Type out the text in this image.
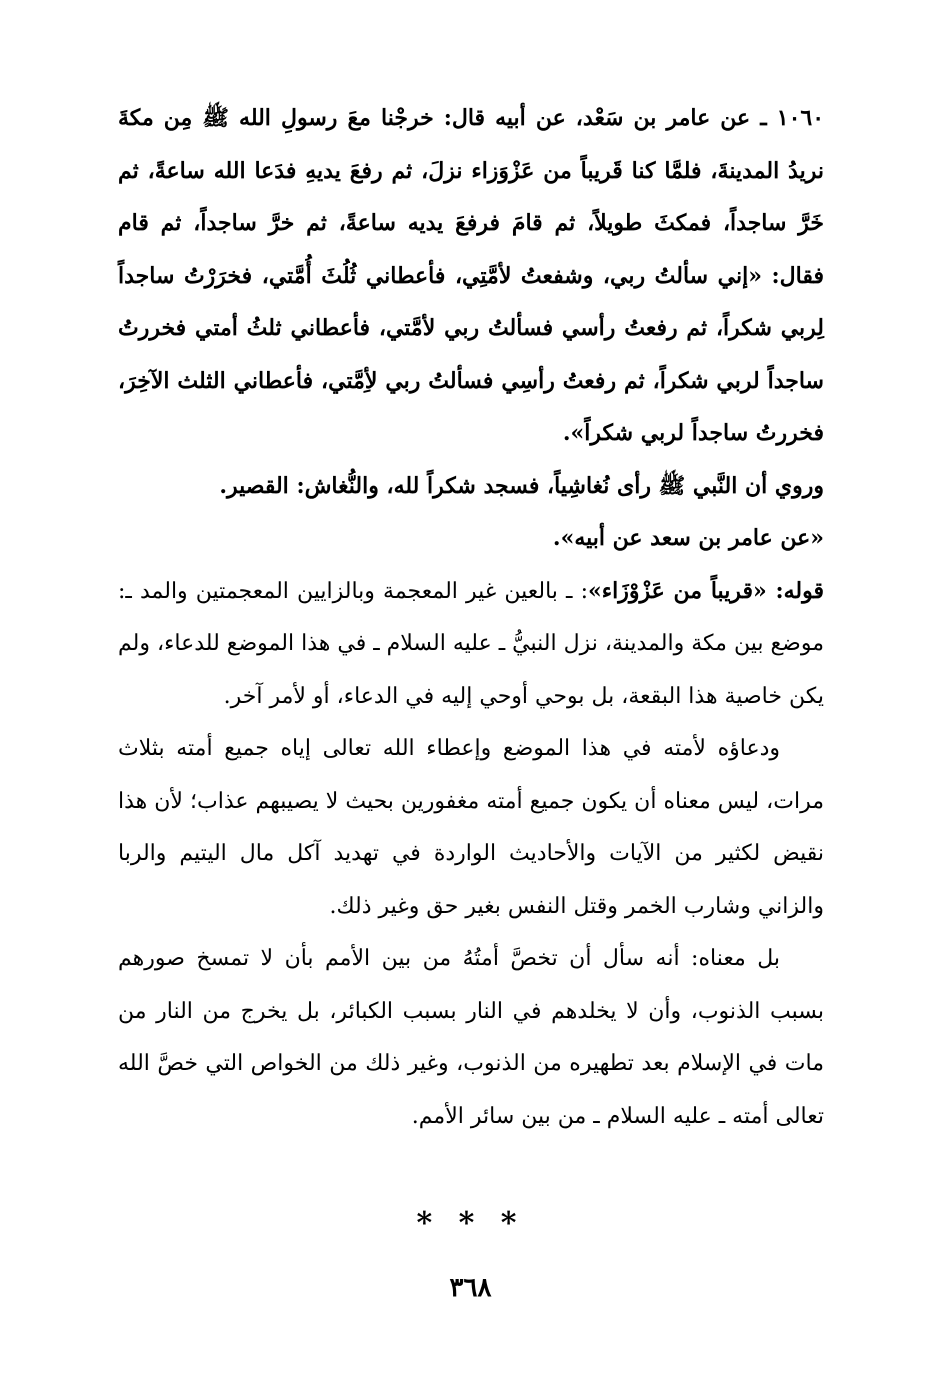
١٠٦٠ ـ عن عامر بن سَعْد، عن أبيه قال: خرجْنا معَ رسولِ الله ﷺ مِن مكةَ نريدُ المدينةَ، فلمَّا كنا قَريباً من عَزْوَزاء نزلَ، ثم رفعَ يديهِ فدَعا الله ساعةً، ثم خَرَّ ساجداً، فمكثَ طويلاً، ثم قامَ فرفعَ يديه ساعةً، ثم خرَّ ساجداً، ثم قام فقال: «إني سألتُ ربي، وشفعتُ لأمَّتِي، فأعطاني ثُلُثَ أُمَّتي، فخرَرْتُ ساجداً لِربي شكراً، ثم رفعتُ رأسي فسألتُ ربي لأمَّتي، فأعطاني ثلثُ أمتي فخررتُ ساجداً لربي شكراً، ثم رفعتُ رأسِي فسألتُ ربي لأِمَّتي، فأعطاني الثلث الآخِرَ، فخررتُ ساجداً لربي شكراً».

وروي أن النَّبي ﷺ رأى نُغاشِياً، فسجد شكراً لله، والنُّغاش: القصير.

«عن عامر بن سعد عن أبيه».

قوله: «قريباً من عَزْوْزَاء»: ـ بالعين غير المعجمة وبالزايين المعجمتين والمد ـ: موضع بين مكة والمدينة، نزل النبيُّ ـ عليه السلام ـ في هذا الموضع للدعاء، ولم يكن خاصية هذا البقعة، بل بوحي أوحي إليه في الدعاء، أو لأمر آخر.

ودعاؤه لأمته في هذا الموضع وإعطاء الله تعالى إياه جميع أمته بثلاث مرات، ليس معناه أن يكون جميع أمته مغفورين بحيث لا يصيبهم عذاب؛ لأن هذا نقيض لكثير من الآيات والأحاديث الواردة في تهديد آكل مال اليتيم والربا والزاني وشارب الخمر وقتل النفس بغير حق وغير ذلك.

بل معناه: أنه سأل أن تخصَّ أمتُهُ من بين الأمم بأن لا تمسخ صورهم بسبب الذنوب، وأن لا يخلدهم في النار بسبب الكبائر، بل يخرج من النار من مات في الإسلام بعد تطهيره من الذنوب، وغير ذلك من الخواص التي خصَّ الله تعالى أمته ـ عليه السلام ـ من بين سائر الأمم.

* * *
٣٦٨
